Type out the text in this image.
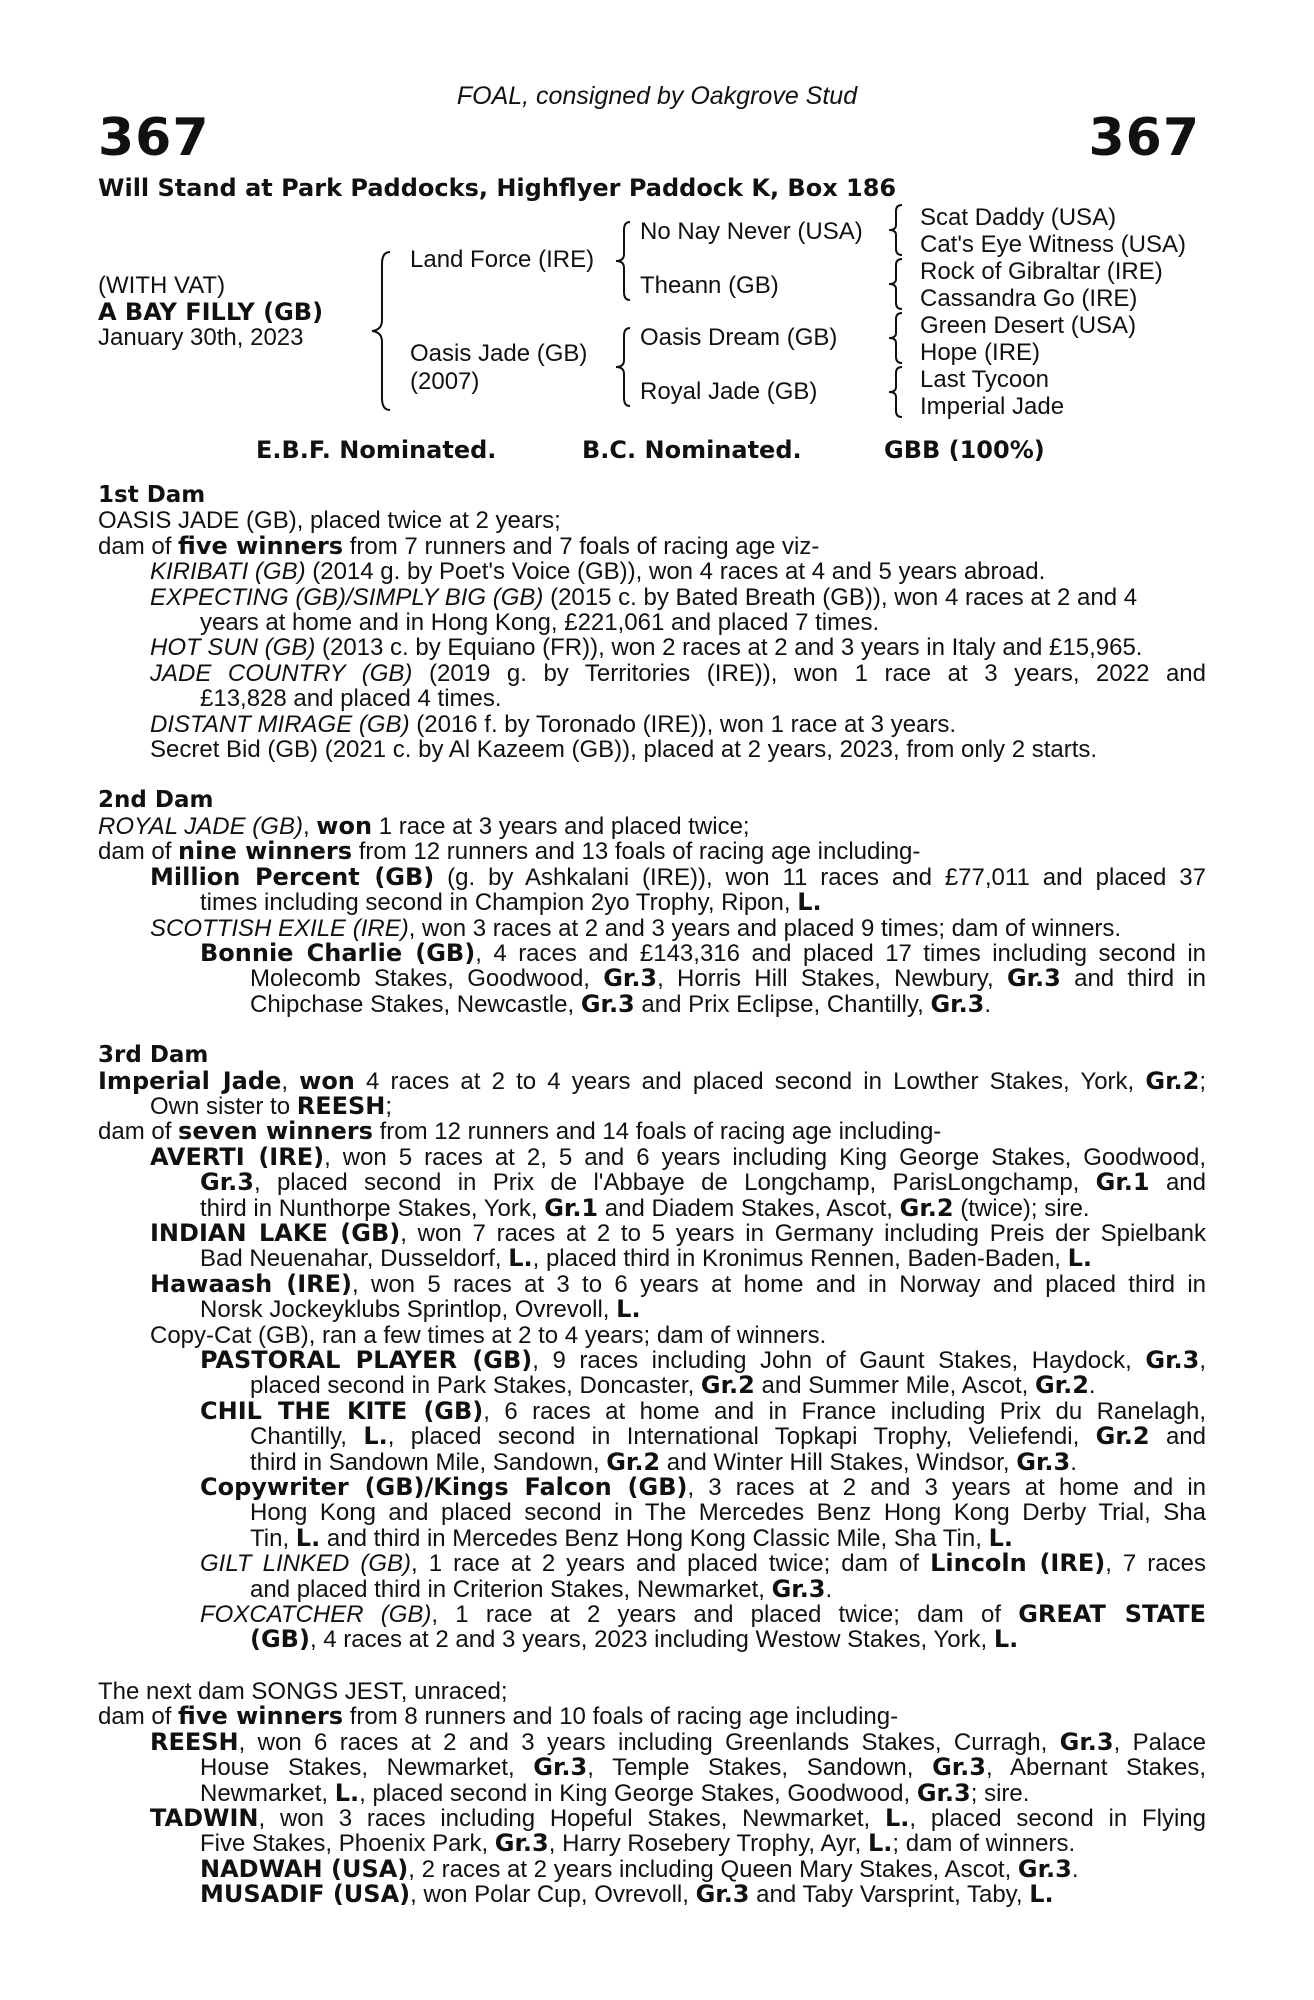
FOAL, consigned by Oakgrove Stud
367	367
Will Stand at Park Paddocks, Highflyer Paddock K, Box 186
(WITH VAT)
A BAY FILLY (GB)
January 30th, 2023
Land Force (IRE)
Oasis Jade (GB)
(2007)
No Nay Never (USA)
Theann (GB)
Oasis Dream (GB)
Royal Jade (GB)
Scat Daddy (USA)
Cat's Eye Witness (USA)
Rock of Gibraltar (IRE)
Cassandra Go (IRE)
Green Desert (USA)
Hope (IRE)
Last Tycoon
Imperial Jade
E.B.F. Nominated.	B.C. Nominated.	GBB (100%)
1st Dam
OASIS JADE (GB), placed twice at 2 years;
dam of five winners from 7 runners and 7 foals of racing age viz-
KIRIBATI (GB) (2014 g. by Poet's Voice (GB)), won 4 races at 4 and 5 years abroad.
EXPECTING (GB)/SIMPLY BIG (GB) (2015 c. by Bated Breath (GB)), won 4 races at 2 and 4
years at home and in Hong Kong, £221,061 and placed 7 times.
HOT SUN (GB) (2013 c. by Equiano (FR)), won 2 races at 2 and 3 years in Italy and £15,965.
JADE COUNTRY (GB) (2019 g. by Territories (IRE)), won 1 race at 3 years, 2022 and
£13,828 and placed 4 times.
DISTANT MIRAGE (GB) (2016 f. by Toronado (IRE)), won 1 race at 3 years.
Secret Bid (GB) (2021 c. by Al Kazeem (GB)), placed at 2 years, 2023, from only 2 starts.
2nd Dam
ROYAL JADE (GB), won 1 race at 3 years and placed twice;
dam of nine winners from 12 runners and 13 foals of racing age including-
Million Percent (GB) (g. by Ashkalani (IRE)), won 11 races and £77,011 and placed 37
times including second in Champion 2yo Trophy, Ripon, L.
SCOTTISH EXILE (IRE), won 3 races at 2 and 3 years and placed 9 times; dam of winners.
Bonnie Charlie (GB), 4 races and £143,316 and placed 17 times including second in
Molecomb Stakes, Goodwood, Gr.3, Horris Hill Stakes, Newbury, Gr.3 and third in
Chipchase Stakes, Newcastle, Gr.3 and Prix Eclipse, Chantilly, Gr.3.
3rd Dam
Imperial Jade, won 4 races at 2 to 4 years and placed second in Lowther Stakes, York, Gr.2;
Own sister to REESH;
dam of seven winners from 12 runners and 14 foals of racing age including-
AVERTI (IRE), won 5 races at 2, 5 and 6 years including King George Stakes, Goodwood,
Gr.3, placed second in Prix de l'Abbaye de Longchamp, ParisLongchamp, Gr.1 and
third in Nunthorpe Stakes, York, Gr.1 and Diadem Stakes, Ascot, Gr.2 (twice); sire.
INDIAN LAKE (GB), won 7 races at 2 to 5 years in Germany including Preis der Spielbank
Bad Neuenahar, Dusseldorf, L., placed third in Kronimus Rennen, Baden-Baden, L.
Hawaash (IRE), won 5 races at 3 to 6 years at home and in Norway and placed third in
Norsk Jockeyklubs Sprintlop, Ovrevoll, L.
Copy-Cat (GB), ran a few times at 2 to 4 years; dam of winners.
PASTORAL PLAYER (GB), 9 races including John of Gaunt Stakes, Haydock, Gr.3,
placed second in Park Stakes, Doncaster, Gr.2 and Summer Mile, Ascot, Gr.2.
CHIL THE KITE (GB), 6 races at home and in France including Prix du Ranelagh,
Chantilly, L., placed second in International Topkapi Trophy, Veliefendi, Gr.2 and
third in Sandown Mile, Sandown, Gr.2 and Winter Hill Stakes, Windsor, Gr.3.
Copywriter (GB)/Kings Falcon (GB), 3 races at 2 and 3 years at home and in
Hong Kong and placed second in The Mercedes Benz Hong Kong Derby Trial, Sha
Tin, L. and third in Mercedes Benz Hong Kong Classic Mile, Sha Tin, L.
GILT LINKED (GB), 1 race at 2 years and placed twice; dam of Lincoln (IRE), 7 races
and placed third in Criterion Stakes, Newmarket, Gr.3.
FOXCATCHER (GB), 1 race at 2 years and placed twice; dam of GREAT STATE
(GB), 4 races at 2 and 3 years, 2023 including Westow Stakes, York, L.
The next dam SONGS JEST, unraced;
dam of five winners from 8 runners and 10 foals of racing age including-
REESH, won 6 races at 2 and 3 years including Greenlands Stakes, Curragh, Gr.3, Palace
House Stakes, Newmarket, Gr.3, Temple Stakes, Sandown, Gr.3, Abernant Stakes,
Newmarket, L., placed second in King George Stakes, Goodwood, Gr.3; sire.
TADWIN, won 3 races including Hopeful Stakes, Newmarket, L., placed second in Flying
Five Stakes, Phoenix Park, Gr.3, Harry Rosebery Trophy, Ayr, L.; dam of winners.
NADWAH (USA), 2 races at 2 years including Queen Mary Stakes, Ascot, Gr.3.
MUSADIF (USA), won Polar Cup, Ovrevoll, Gr.3 and Taby Varsprint, Taby, L.
